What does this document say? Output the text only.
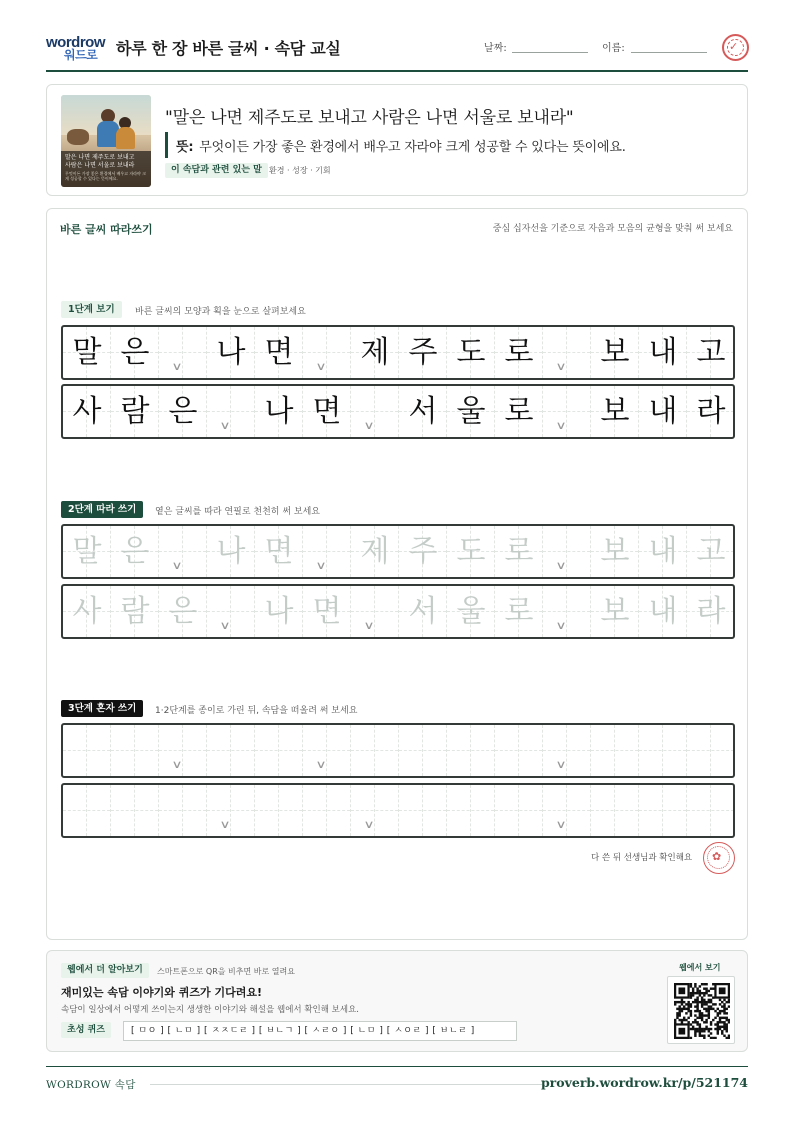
wordrow
워드로 하루 한 장 바른 글씨 · 속담 교실	날짜:	이름:	✓
말은 나면 제주도로 보내고
사람은 나면 서울로 보내라
무엇이든 가장 좋은 환경에서 배우고 자라야 크게 성공할 수 있다는 뜻이에요.
"말은 나면 제주도로 보내고 사람은 나면 서울로 보내라"
뜻: 무엇이든 가장 좋은 환경에서 배우고 자라야 크게 성공할 수 있다는 뜻이에요.
이 속담과 관련 있는 말 환경 · 성장 · 기회
바른 글씨 따라쓰기	중심 십자선을 기준으로 자음과 모음의 균형을 맞춰 써 보세요
1단계 보기	바른 글씨의 모양과 획을 눈으로 살펴보세요
말 은	∨	나 면	∨	제 주 도 로	∨	보 내 고
사 람 은	∨	나 면	∨	서 울 로	∨	보 내 라
2단계 따라 쓰기	옅은 글씨를 따라 연필로 천천히 써 보세요
말 은	∨	나 면	∨	제 주 도 로	∨	보 내 고
사 람 은	∨	나 면	∨	서 울 로	∨	보 내 라
3단계 혼자 쓰기	1·2단계를 종이로 가린 뒤, 속담을 떠올려 써 보세요
∨	∨	∨
∨	∨	∨
다 쓴 뒤 선생님과 확인해요 ✿
웹에서 더 알아보기	스마트폰으로 QR을 비추면 바로 열려요
재미있는 속담 이야기와 퀴즈가 기다려요!
속담이 일상에서 어떻게 쓰이는지 생생한 이야기와 해설을 웹에서 확인해 보세요.
초성 퀴즈	[ ㅁㅇ ] [ ㄴㅁ ] [ ㅈㅈㄷㄹ ] [ ㅂㄴㄱ ] [ ㅅㄹㅇ ] [ ㄴㅁ ] [ ㅅㅇㄹ ] [ ㅂㄴㄹ ]
웹에서 보기
WORDROW 속담	proverb.wordrow.kr/p/521174
